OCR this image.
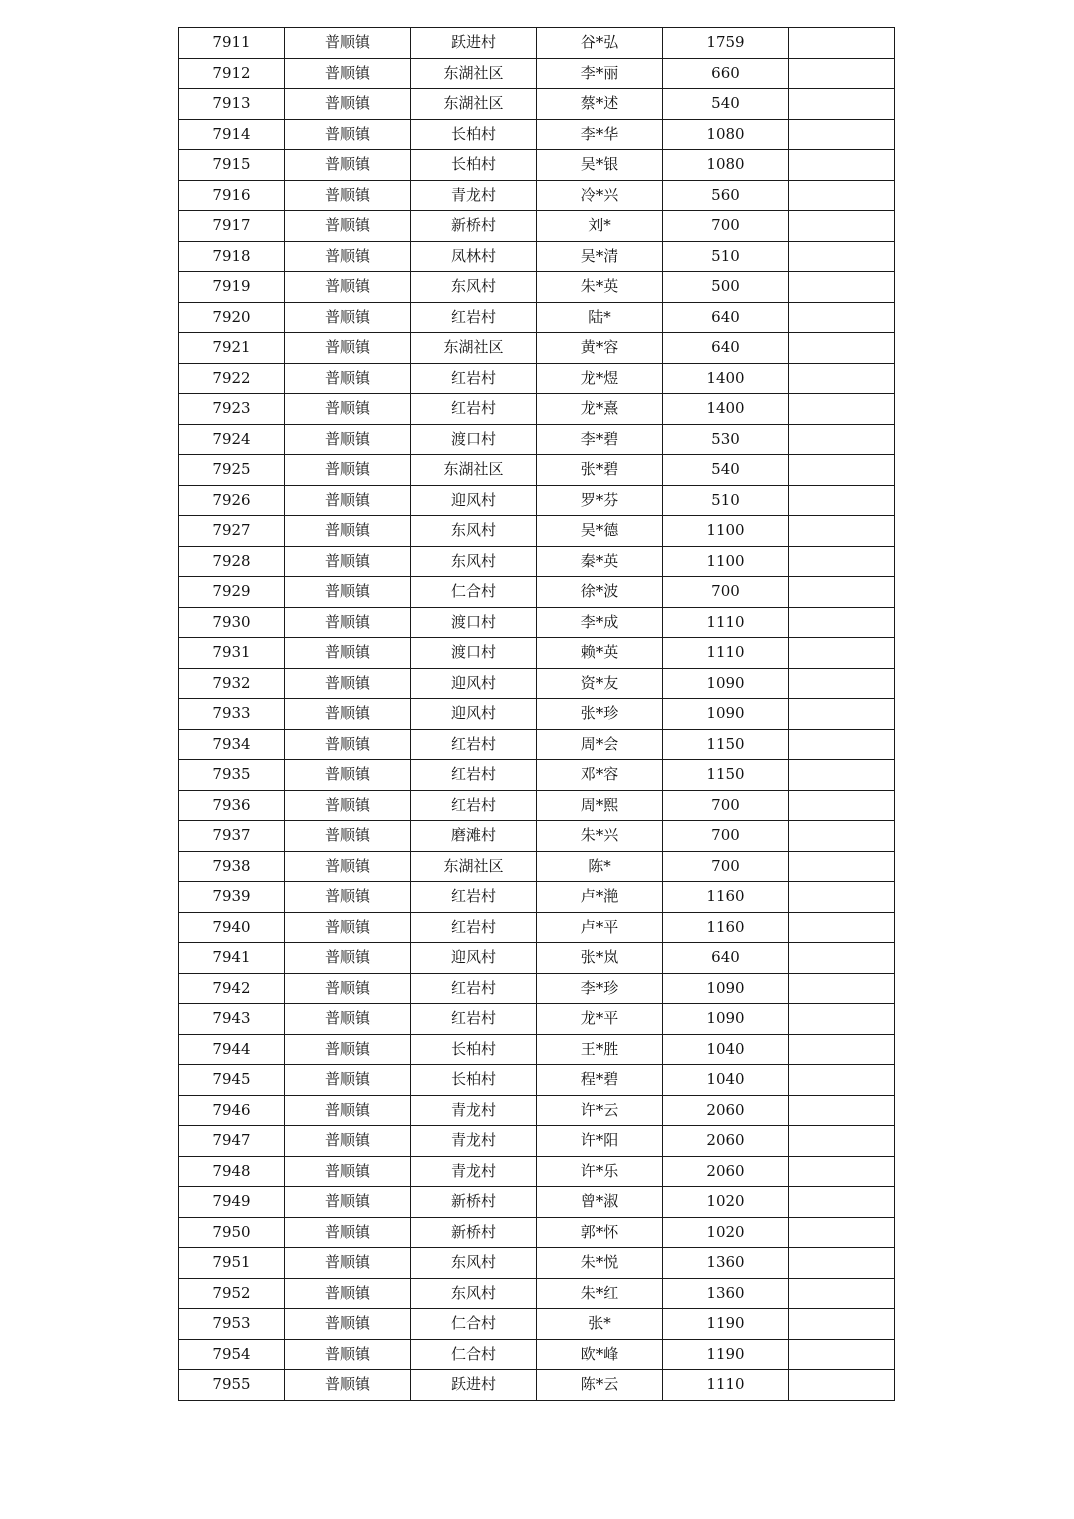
7911	普顺镇	跃进村	谷*弘	1759	
7912	普顺镇	东湖社区	李*丽	660	
7913	普顺镇	东湖社区	蔡*述	540	
7914	普顺镇	长柏村	李*华	1080	
7915	普顺镇	长柏村	吴*银	1080	
7916	普顺镇	青龙村	冷*兴	560	
7917	普顺镇	新桥村	刘*	700	
7918	普顺镇	凤林村	吴*清	510	
7919	普顺镇	东风村	朱*英	500	
7920	普顺镇	红岩村	陆*	640	
7921	普顺镇	东湖社区	黄*容	640	
7922	普顺镇	红岩村	龙*煜	1400	
7923	普顺镇	红岩村	龙*熹	1400	
7924	普顺镇	渡口村	李*碧	530	
7925	普顺镇	东湖社区	张*碧	540	
7926	普顺镇	迎风村	罗*芬	510	
7927	普顺镇	东风村	吴*德	1100	
7928	普顺镇	东风村	秦*英	1100	
7929	普顺镇	仁合村	徐*波	700	
7930	普顺镇	渡口村	李*成	1110	
7931	普顺镇	渡口村	赖*英	1110	
7932	普顺镇	迎风村	资*友	1090	
7933	普顺镇	迎风村	张*珍	1090	
7934	普顺镇	红岩村	周*会	1150	
7935	普顺镇	红岩村	邓*容	1150	
7936	普顺镇	红岩村	周*熙	700	
7937	普顺镇	磨滩村	朱*兴	700	
7938	普顺镇	东湖社区	陈*	700	
7939	普顺镇	红岩村	卢*滟	1160	
7940	普顺镇	红岩村	卢*平	1160	
7941	普顺镇	迎风村	张*岚	640	
7942	普顺镇	红岩村	李*珍	1090	
7943	普顺镇	红岩村	龙*平	1090	
7944	普顺镇	长柏村	王*胜	1040	
7945	普顺镇	长柏村	程*碧	1040	
7946	普顺镇	青龙村	许*云	2060	
7947	普顺镇	青龙村	许*阳	2060	
7948	普顺镇	青龙村	许*乐	2060	
7949	普顺镇	新桥村	曾*淑	1020	
7950	普顺镇	新桥村	郭*怀	1020	
7951	普顺镇	东风村	朱*悦	1360	
7952	普顺镇	东风村	朱*红	1360	
7953	普顺镇	仁合村	张*	1190	
7954	普顺镇	仁合村	欧*峰	1190	
7955	普顺镇	跃进村	陈*云	1110	
